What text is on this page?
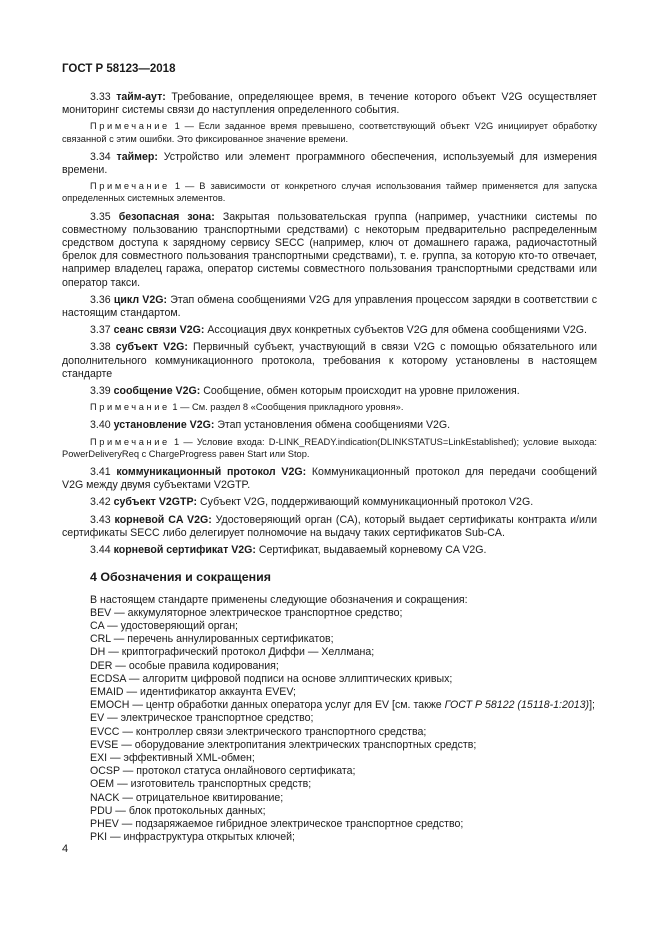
ГОСТ Р 58123—2018

3.33 тайм-аут: Требование, определяющее время, в течение которого объект V2G осуществляет мониторинг системы связи до наступления определенного события.

Примечание 1 — Если заданное время превышено, соответствующий объект V2G инициирует обработку связанной с этим ошибки. Это фиксированное значение времени.

3.34 таймер: Устройство или элемент программного обеспечения, используемый для измерения времени.

Примечание 1 — В зависимости от конкретного случая использования таймер применяется для запуска определенных системных элементов.

3.35 безопасная зона: Закрытая пользовательская группа (например, участники системы по совместному пользованию транспортными средствами) с некоторым предварительно распределенным средством доступа к зарядному сервису SECC (например, ключ от домашнего гаража, радиочастотный брелок для совместного пользования транспортными средствами), т. е. группа, за которую кто-то отвечает, например владелец гаража, оператор системы совместного пользования транспортными средствами или оператор такси.

3.36 цикл V2G: Этап обмена сообщениями V2G для управления процессом зарядки в соответствии с настоящим стандартом.

3.37 сеанс связи V2G: Ассоциация двух конкретных субъектов V2G для обмена сообщениями V2G.

3.38 субъект V2G: Первичный субъект, участвующий в связи V2G с помощью обязательного или дополнительного коммуникационного протокола, требования к которому установлены в настоящем стандарте

3.39 сообщение V2G: Сообщение, обмен которым происходит на уровне приложения.

Примечание 1 — См. раздел 8 «Сообщения прикладного уровня».

3.40 установление V2G: Этап установления обмена сообщениями V2G.

Примечание 1 — Условие входа: D-LINK_READY.indication(DLINKSTATUS=LinkEstablished); условие выхода: PowerDeliveryReq с ChargeProgress равен Start или Stop.

3.41 коммуникационный протокол V2G: Коммуникационный протокол для передачи сообщений V2G между двумя субъектами V2GTP.

3.42 субъект V2GTP: Субъект V2G, поддерживающий коммуникационный протокол V2G.

3.43 корневой CA V2G: Удостоверяющий орган (CA), который выдает сертификаты контракта и/или сертификаты SECC либо делегирует полномочие на выдачу таких сертификатов Sub-CA.

3.44 корневой сертификат V2G: Сертификат, выдаваемый корневому CA V2G.

4 Обозначения и сокращения

В настоящем стандарте применены следующие обозначения и сокращения:

BEV — аккумуляторное электрическое транспортное средство;

CA — удостоверяющий орган;

CRL — перечень аннулированных сертификатов;

DH — криптографический протокол Диффи — Хеллмана;

DER — особые правила кодирования;

ECDSA — алгоритм цифровой подписи на основе эллиптических кривых;

EMAID — идентификатор аккаунта EVEV;

EMOCH — центр обработки данных оператора услуг для EV [см. также ГОСТ Р 58122 (15118-1:2013)];

EV — электрическое транспортное средство;

EVCC — контроллер связи электрического транспортного средства;

EVSE — оборудование электропитания электрических транспортных средств;

EXI — эффективный XML-обмен;

OCSP — протокол статуса онлайнового сертификата;

OEM — изготовитель транспортных средств;

NACK — отрицательное квитирование;

PDU — блок протокольных данных;

PHEV — подзаряжаемое гибридное электрическое транспортное средство;

PKI — инфраструктура открытых ключей;

4
